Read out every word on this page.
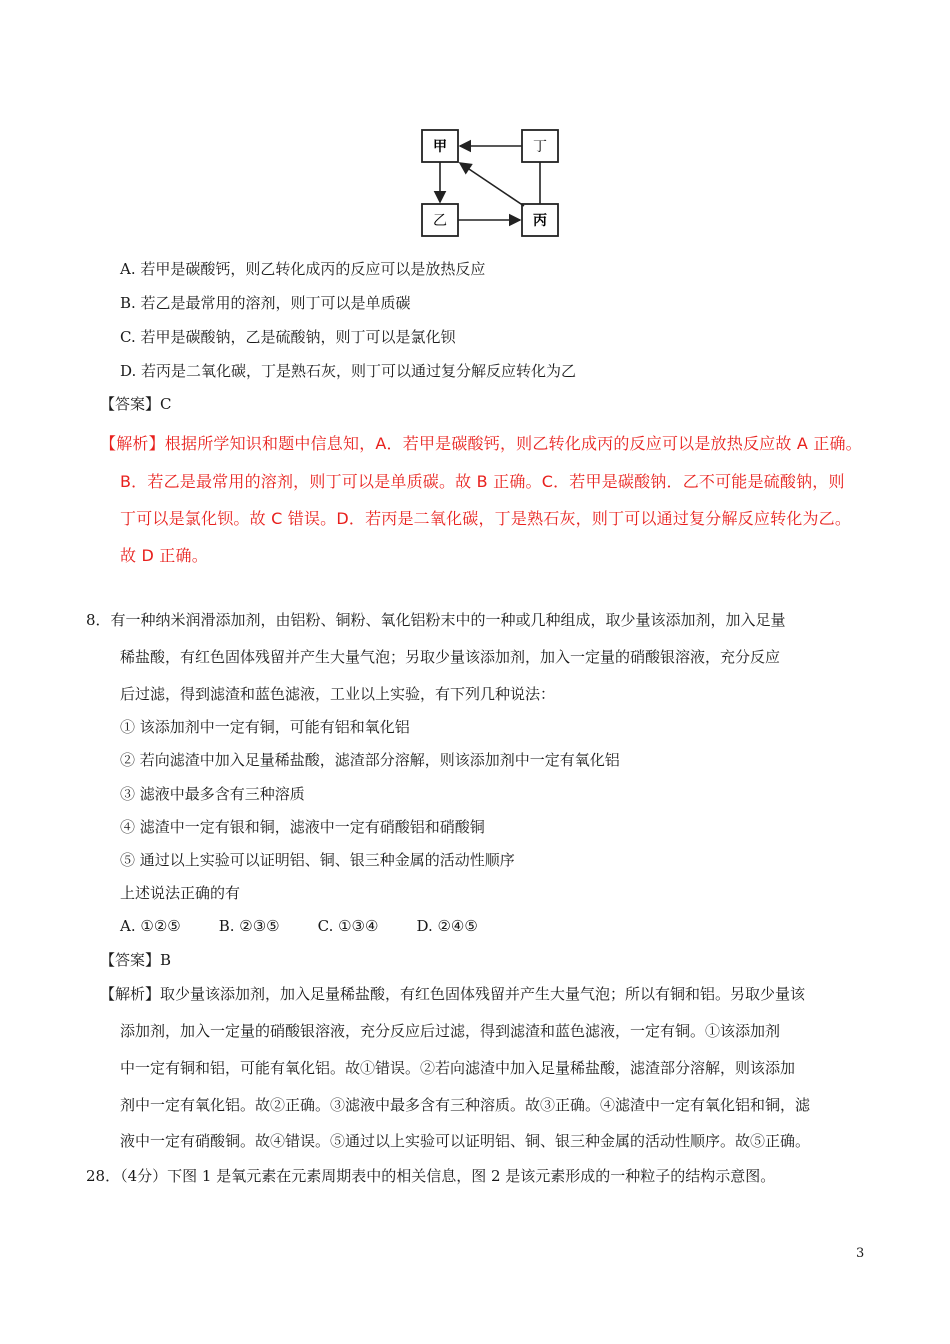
甲	丁
乙	丙
A. 若甲是碳酸钙，则乙转化成丙的反应可以是放热反应
B. 若乙是最常用的溶剂，则丁可以是单质碳
C. 若甲是碳酸钠，乙是硫酸钠，则丁可以是氯化钡
D. 若丙是二氧化碳，丁是熟石灰，则丁可以通过复分解反应转化为乙
【答案】C
【解析】根据所学知识和题中信息知，A．若甲是碳酸钙，则乙转化成丙的反应可以是放热反应故 A 正确。
B．若乙是最常用的溶剂，则丁可以是单质碳。故 B 正确。C．若甲是碳酸钠．乙不可能是硫酸钠，则
丁可以是氯化钡。故 C 错误。D．若丙是二氧化碳，丁是熟石灰，则丁可以通过复分解反应转化为乙。
故 D 正确。
8．有一种纳米润滑添加剂，由铝粉、铜粉、氧化铝粉末中的一种或几种组成，取少量该添加剂，加入足量
稀盐酸，有红色固体残留并产生大量气泡；另取少量该添加剂，加入一定量的硝酸银溶液，充分反应
后过滤，得到滤渣和蓝色滤液，工业以上实验，有下列几种说法：
① 该添加剂中一定有铜，可能有铝和氧化铝
② 若向滤渣中加入足量稀盐酸，滤渣部分溶解，则该添加剂中一定有氧化铝
③ 滤液中最多含有三种溶质
④ 滤渣中一定有银和铜，滤液中一定有硝酸铝和硝酸铜
⑤ 通过以上实验可以证明铝、铜、银三种金属的活动性顺序
上述说法正确的有
A. ①②⑤	B. ②③⑤	C. ①③④	D. ②④⑤
【答案】B
【解析】取少量该添加剂，加入足量稀盐酸，有红色固体残留并产生大量气泡；所以有铜和铝。另取少量该
添加剂，加入一定量的硝酸银溶液，充分反应后过滤，得到滤渣和蓝色滤液，一定有铜。①该添加剂
中一定有铜和铝，可能有氧化铝。故①错误。②若向滤渣中加入足量稀盐酸，滤渣部分溶解，则该添加
剂中一定有氧化铝。故②正确。③滤液中最多含有三种溶质。故③正确。④滤渣中一定有氧化铝和铜，滤
液中一定有硝酸铜。故④错误。⑤通过以上实验可以证明铝、铜、银三种金属的活动性顺序。故⑤正确。
28．（4分）下图 1 是氧元素在元素周期表中的相关信息，图 2 是该元素形成的一种粒子的结构示意图。
3
